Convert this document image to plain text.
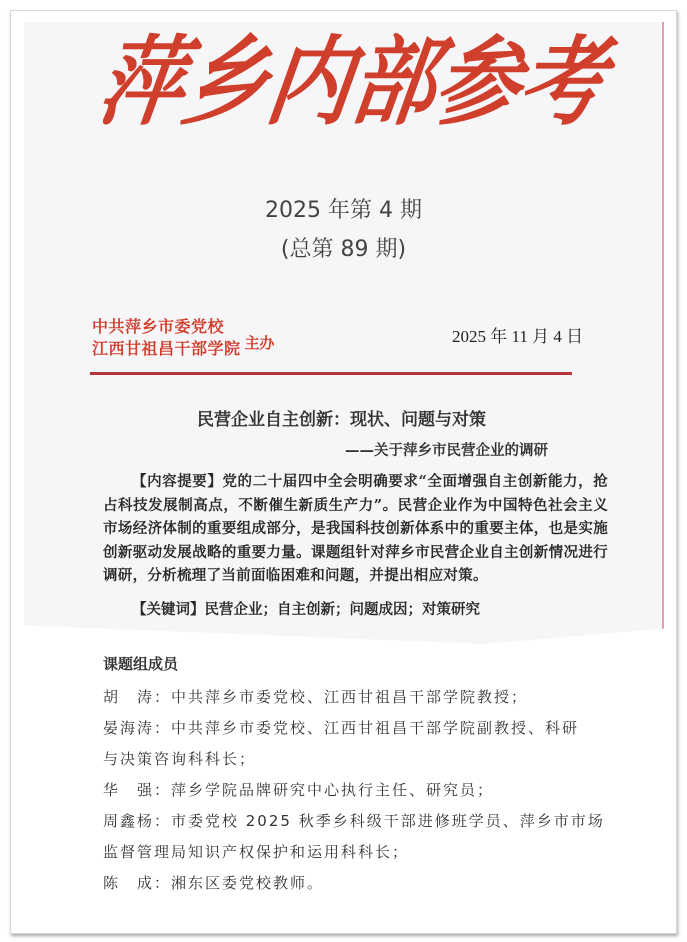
萍
乡
内
部
参
考
2025 年第 4 期
(总第 89 期)
中共萍乡市委党校
江西甘祖昌干部学院 主办	2025 年 11 月 4 日
民营企业自主创新：现状、问题与对策
——关于萍乡市民营企业的调研

【内容提要】党的二十届四中全会明确要求“全面增强自主创新能力，抢占科技发展制高点，不断催生新质生产力”。民营企业作为中国特色社会主义市场经济体制的重要组成部分，是我国科技创新体系中的重要主体，也是实施创新驱动发展战略的重要力量。课题组针对萍乡市民营企业自主创新情况进行调研，分析梳理了当前面临困难和问题，并提出相应对策。

【关键词】民营企业；自主创新；问题成因；对策研究

课题组成员
胡　涛：中共萍乡市委党校、江西甘祖昌干部学院教授；
晏海涛：中共萍乡市委党校、江西甘祖昌干部学院副教授、科研
与决策咨询科科长；
华　强：萍乡学院品牌研究中心执行主任、研究员；
周鑫杨：市委党校 2025 秋季乡科级干部进修班学员、萍乡市市场
监督管理局知识产权保护和运用科科长；
陈　成：湘东区委党校教师。
